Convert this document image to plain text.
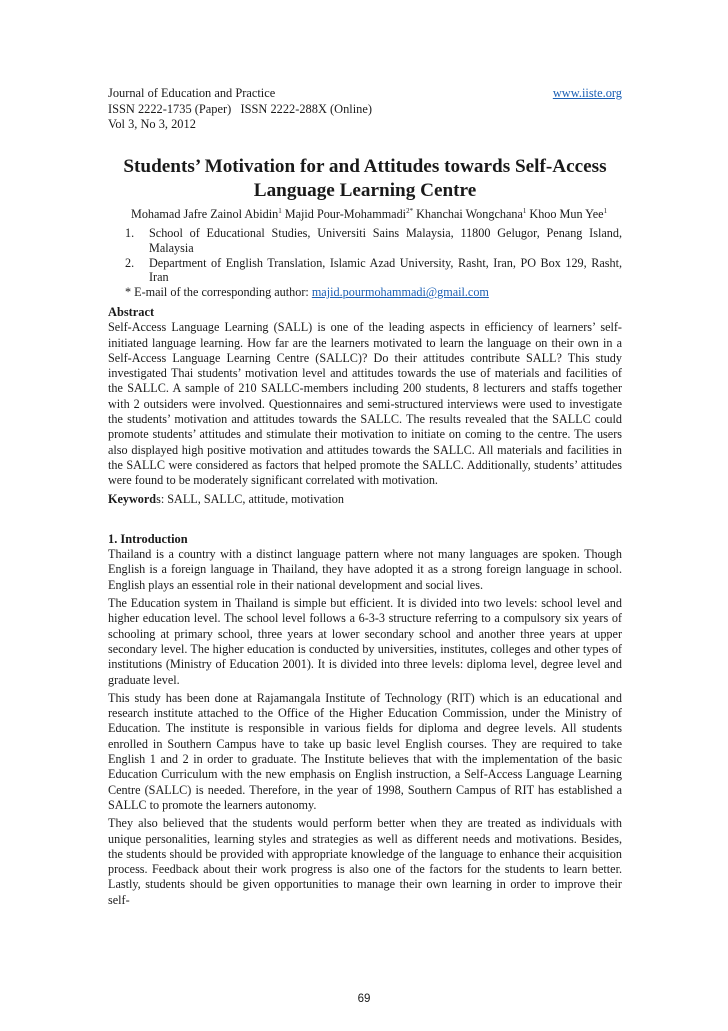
Journal of Education and Practice	www.iiste.org
ISSN 2222-1735 (Paper)   ISSN 2222-288X (Online)
Vol 3, No 3, 2012
Students’ Motivation for and Attitudes towards Self-Access
Language Learning Centre
Mohamad Jafre Zainol Abidin$^1$ Majid Pour-Mohammadi$^{2*}$ Khanchai Wongchana$^1$ Khoo Mun Yee$^1$
1.	School of Educational Studies, Universiti Sains Malaysia, 11800 Gelugor, Penang Island, Malaysia
2.	Department of English Translation, Islamic Azad University, Rasht, Iran, PO Box 129, Rasht, Iran
* E-mail of the corresponding author: majid.pourmohammadi@gmail.com
Abstract

Self-Access Language Learning (SALL) is one of the leading aspects in efficiency of learners’ self-initiated language learning. How far are the learners motivated to learn the language on their own in a Self-Access Language Learning Centre (SALLC)? Do their attitudes contribute SALL? This study investigated Thai students’ motivation level and attitudes towards the use of materials and facilities of the SALLC. A sample of 210 SALLC-members including 200 students, 8 lecturers and staffs together with 2 outsiders were involved. Questionnaires and semi-structured interviews were used to investigate the students’ motivation and attitudes towards the SALLC. The results revealed that the SALLC could promote students’ attitudes and stimulate their motivation to initiate on coming to the centre. The users also displayed high positive motivation and attitudes towards the SALLC. All materials and facilities in the SALLC were considered as factors that helped promote the SALLC. Additionally, students’ attitudes were found to be moderately significant correlated with motivation.

Keywords: SALL, SALLC, attitude, motivation

1. Introduction

Thailand is a country with a distinct language pattern where not many languages are spoken. Though English is a foreign language in Thailand, they have adopted it as a strong foreign language in school. English plays an essential role in their national development and social lives.

The Education system in Thailand is simple but efficient. It is divided into two levels: school level and higher education level. The school level follows a 6-3-3 structure referring to a compulsory six years of schooling at primary school, three years at lower secondary school and another three years at upper secondary level. The higher education is conducted by universities, institutes, colleges and other types of institutions (Ministry of Education 2001). It is divided into three levels: diploma level, degree level and graduate level.

This study has been done at Rajamangala Institute of Technology (RIT) which is an educational and research institute attached to the Office of the Higher Education Commission, under the Ministry of Education. The institute is responsible in various fields for diploma and degree levels. All students enrolled in Southern Campus have to take up basic level English courses. They are required to take English 1 and 2 in order to graduate. The Institute believes that with the implementation of the basic Education Curriculum with the new emphasis on English instruction, a Self-Access Language Learning Centre (SALLC) is needed. Therefore, in the year of 1998, Southern Campus of RIT has established a SALLC to promote the learners autonomy.

They also believed that the students would perform better when they are treated as individuals with unique personalities, learning styles and strategies as well as different needs and motivations. Besides, the students should be provided with appropriate knowledge of the language to enhance their acquisition process. Feedback about their work progress is also one of the factors for the students to learn better. Lastly, students should be given opportunities to manage their own learning in order to improve their self-

69
